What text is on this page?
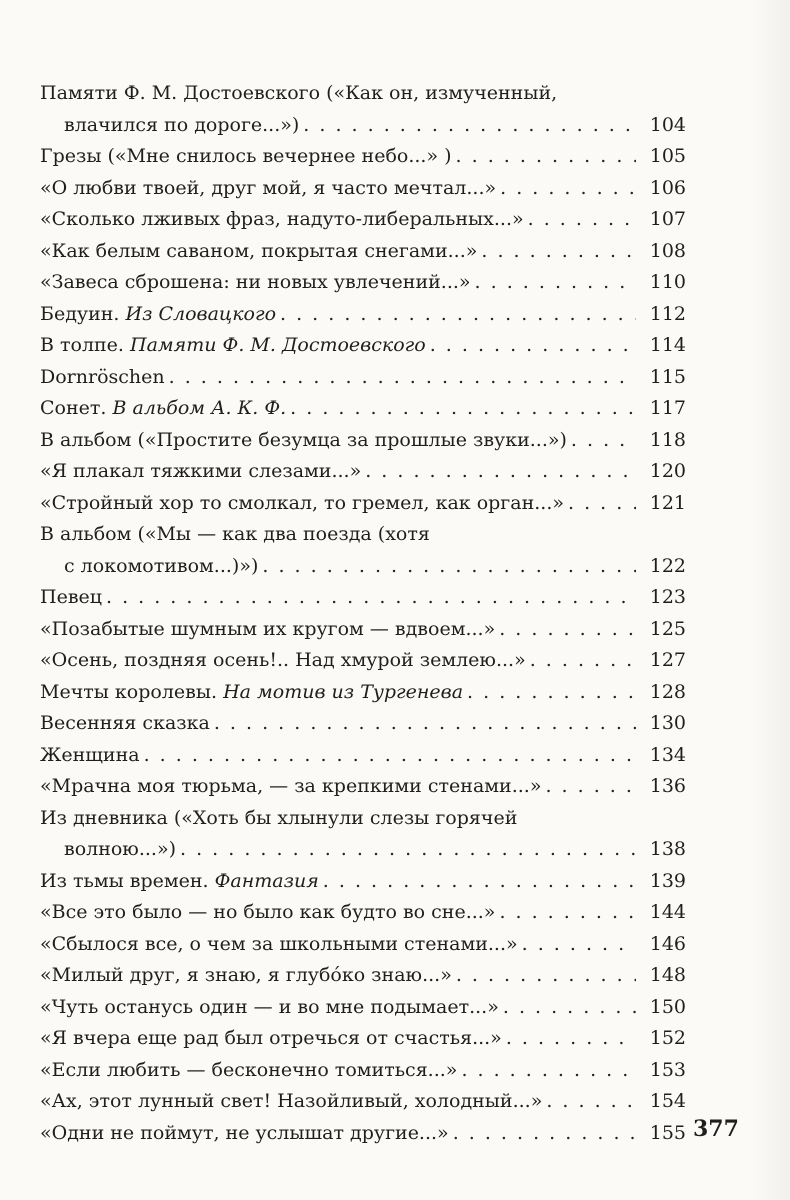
Памяти Ф. М. Достоевского («Как он, измученный,
влачился по дороге...») . . .	104
Грезы («Мне снилось вечернее небо...» ) . . .	105
«О любви твоей, друг мой, я часто мечтал...» . . .	106
«Сколько лживых фраз, надуто-либеральных...» . . .	107
«Как белым саваном, покрытая снегами...» . . .	108
«Завеса сброшена: ни новых увлечений...» . . .	110
Бедуин. Из Словацкого . . .	112
В толпе. Памяти Ф. М. Достоевского . . .	114
Dornröschen . . .	115
Сонет. В альбом А. К. Ф. . . .	117
В альбом («Простите безумца за прошлые звуки...») . . .	118
«Я плакал тяжкими слезами...» . . .	120
«Стройный хор то смолкал, то гремел, как орган...» . . .	121
В альбом («Мы — как два поезда (хотя
с локомотивом...)») . . .	122
Певец . . .	123
«Позабытые шумным их кругом — вдвоем...» . . .	125
«Осень, поздняя осень!.. Над хмурой землею...» . . .	127
Мечты королевы. На мотив из Тургенева . . .	128
Весенняя сказка . . .	130
Женщина . . .	134
«Мрачна моя тюрьма, — за крепкими стенами...» . . .	136
Из дневника («Хоть бы хлынули слезы горячей
волною...») . . .	138
Из тьмы времен. Фантазия . . .	139
«Все это было — но было как будто во сне...» . . .	144
«Сбылося все, о чем за школьными стенами...» . . .	146
«Милый друг, я знаю, я глубо́ко знаю...» . . .	148
«Чуть останусь один — и во мне подымает...» . . .	150
«Я вчера еще рад был отречься от счастья...» . . .	152
«Если любить — бесконечно томиться...» . . .	153
«Ах, этот лунный свет! Назойливый, холодный...» . . .	154
«Одни не поймут, не услышат другие...» . . .	155 377
